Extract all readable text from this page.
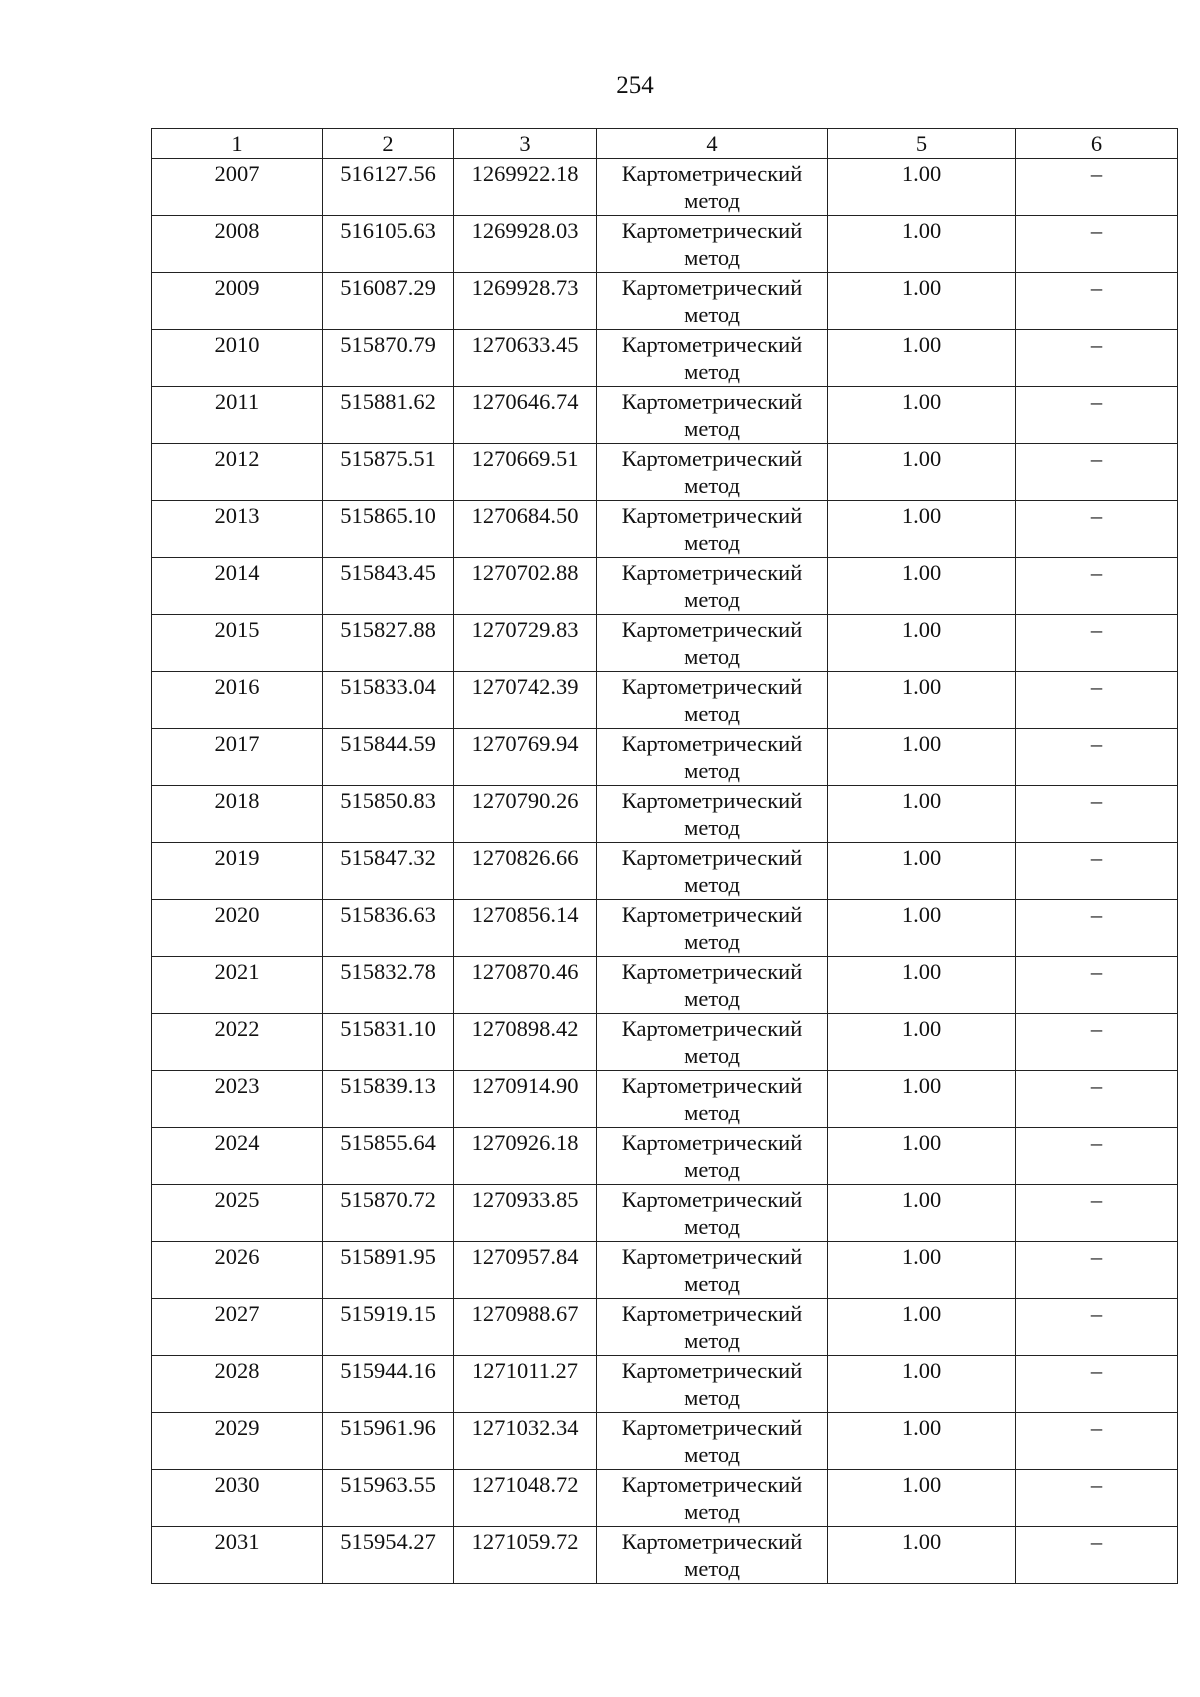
254
1	2	3	4	5	6
2007	516127.56	1269922.18	Картометрический метод	1.00	–
2008	516105.63	1269928.03	Картометрический метод	1.00	–
2009	516087.29	1269928.73	Картометрический метод	1.00	–
2010	515870.79	1270633.45	Картометрический метод	1.00	–
2011	515881.62	1270646.74	Картометрический метод	1.00	–
2012	515875.51	1270669.51	Картометрический метод	1.00	–
2013	515865.10	1270684.50	Картометрический метод	1.00	–
2014	515843.45	1270702.88	Картометрический метод	1.00	–
2015	515827.88	1270729.83	Картометрический метод	1.00	–
2016	515833.04	1270742.39	Картометрический метод	1.00	–
2017	515844.59	1270769.94	Картометрический метод	1.00	–
2018	515850.83	1270790.26	Картометрический метод	1.00	–
2019	515847.32	1270826.66	Картометрический метод	1.00	–
2020	515836.63	1270856.14	Картометрический метод	1.00	–
2021	515832.78	1270870.46	Картометрический метод	1.00	–
2022	515831.10	1270898.42	Картометрический метод	1.00	–
2023	515839.13	1270914.90	Картометрический метод	1.00	–
2024	515855.64	1270926.18	Картометрический метод	1.00	–
2025	515870.72	1270933.85	Картометрический метод	1.00	–
2026	515891.95	1270957.84	Картометрический метод	1.00	–
2027	515919.15	1270988.67	Картометрический метод	1.00	–
2028	515944.16	1271011.27	Картометрический метод	1.00	–
2029	515961.96	1271032.34	Картометрический метод	1.00	–
2030	515963.55	1271048.72	Картометрический метод	1.00	–
2031	515954.27	1271059.72	Картометрический метод	1.00	–
